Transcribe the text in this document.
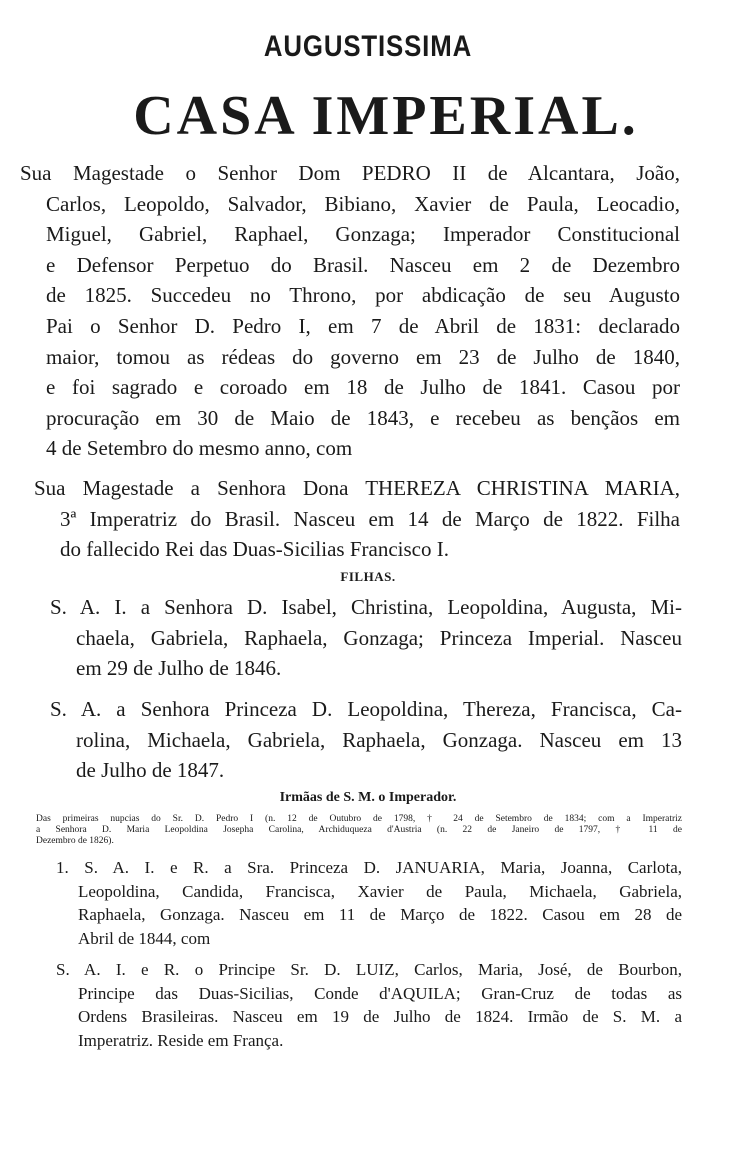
AUGUSTISSIMA
CASA IMPERIAL.
Sua Magestade o Senhor Dom PEDRO II de Alcantara, João,
Carlos, Leopoldo, Salvador, Bibiano, Xavier de Paula, Leocadio,
Miguel, Gabriel, Raphael, Gonzaga; Imperador Constitucional
e Defensor Perpetuo do Brasil. Nasceu em 2 de Dezembro
de 1825. Succedeu no Throno, por abdicação de seu Augusto
Pai o Senhor D. Pedro I, em 7 de Abril de 1831: declarado
maior, tomou as rédeas do governo em 23 de Julho de 1840,
e foi sagrado e coroado em 18 de Julho de 1841. Casou por
procuração em 30 de Maio de 1843, e recebeu as bençãos em
4 de Setembro do mesmo anno, com
Sua Magestade a Senhora Dona THEREZA CHRISTINA MARIA,
3ª Imperatriz do Brasil. Nasceu em 14 de Março de 1822. Filha
do fallecido Rei das Duas-Sicilias Francisco I.
FILHAS.
S. A. I. a Senhora D. Isabel, Christina, Leopoldina, Augusta, Mi-
chaela, Gabriela, Raphaela, Gonzaga; Princeza Imperial. Nasceu
em 29 de Julho de 1846.
S. A. a Senhora Princeza D. Leopoldina, Thereza, Francisca, Ca-
rolina, Michaela, Gabriela, Raphaela, Gonzaga. Nasceu em 13
de Julho de 1847.
Irmãas de S. M. o Imperador.
Das primeiras nupcias do Sr. D. Pedro I (n. 12 de Outubro de 1798, † 24 de Setembro de 1834; com a Imperatriz
a Senhora D. Maria Leopoldina Josepha Carolina, Archiduqueza d'Austria (n. 22 de Janeiro de 1797, † 11 de
Dezembro de 1826).
1. S. A. I. e R. a Sra. Princeza D. JANUARIA, Maria, Joanna, Carlota,
Leopoldina, Candida, Francisca, Xavier de Paula, Michaela, Gabriela,
Raphaela, Gonzaga. Nasceu em 11 de Março de 1822. Casou em 28 de
Abril de 1844, com
S. A. I. e R. o Principe Sr. D. LUIZ, Carlos, Maria, José, de Bourbon,
Principe das Duas-Sicilias, Conde d'AQUILA; Gran-Cruz de todas as
Ordens Brasileiras. Nasceu em 19 de Julho de 1824. Irmão de S. M. a
Imperatriz. Reside em França.
